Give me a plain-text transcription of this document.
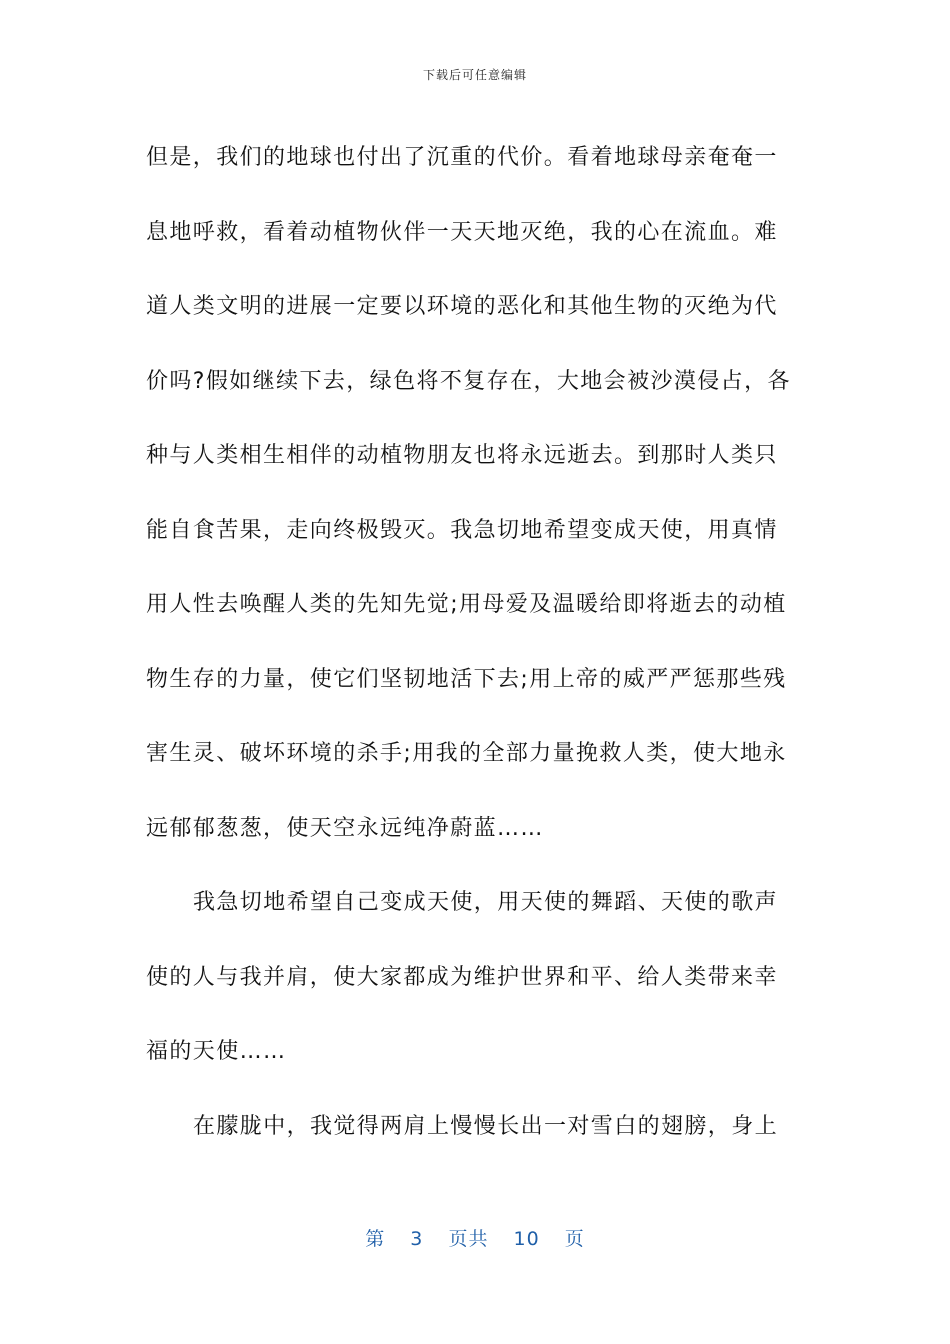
下载后可任意编辑
但是，我们的地球也付出了沉重的代价。看着地球母亲奄奄一
息地呼救，看着动植物伙伴一天天地灭绝，我的心在流血。难
道人类文明的进展一定要以环境的恶化和其他生物的灭绝为代
价吗?假如继续下去，绿色将不复存在，大地会被沙漠侵占，各
种与人类相生相伴的动植物朋友也将永远逝去。到那时人类只
能自食苦果，走向终极毁灭。我急切地希望变成天使，用真情
用人性去唤醒人类的先知先觉;用母爱及温暖给即将逝去的动植
物生存的力量，使它们坚韧地活下去;用上帝的威严严惩那些残
害生灵、破坏环境的杀手;用我的全部力量挽救人类，使大地永
远郁郁葱葱，使天空永远纯净蔚蓝……
我急切地希望自己变成天使，用天使的舞蹈、天使的歌声
使的人与我并肩，使大家都成为维护世界和平、给人类带来幸
福的天使……
在朦胧中，我觉得两肩上慢慢长出一对雪白的翅膀，身上
第 3 页共 10 页
